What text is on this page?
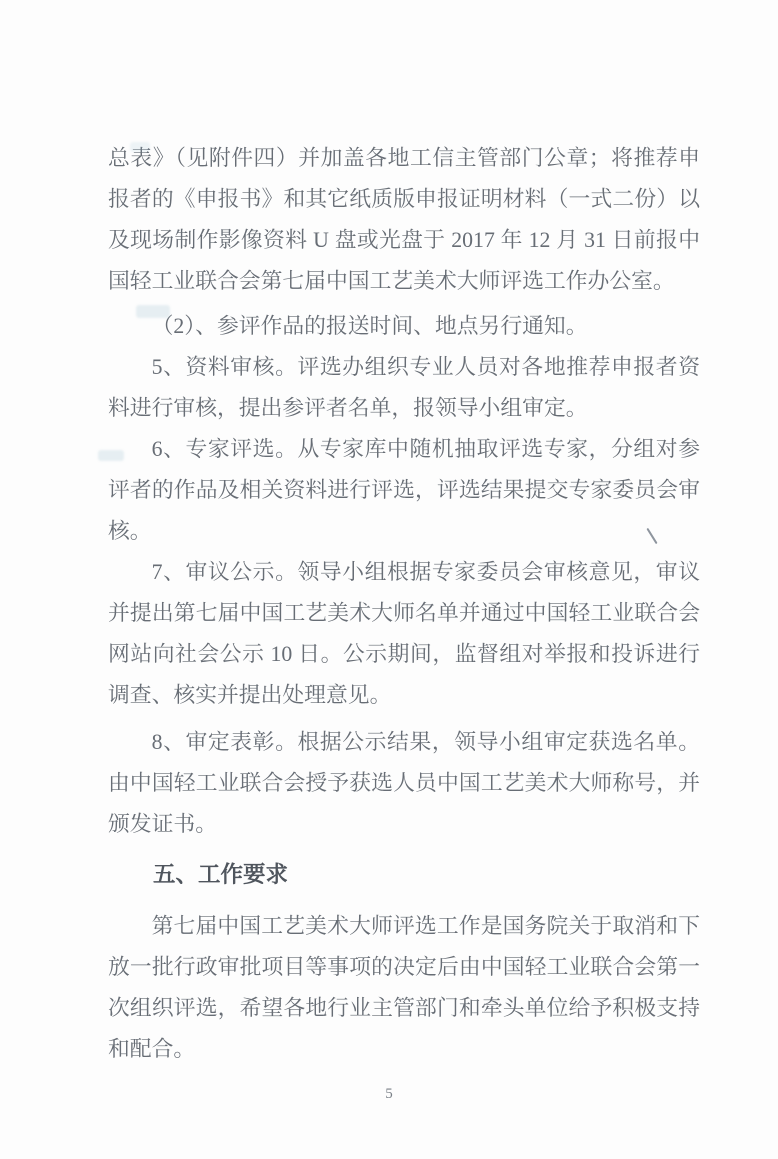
总表》（见附件四）并加盖各地工信主管部门公章；将推荐申报者的《申报书》和其它纸质版申报证明材料（一式二份）以及现场制作影像资料 U 盘或光盘于 2017 年 12 月 31 日前报中国轻工业联合会第七届中国工艺美术大师评选工作办公室。

（2）、参评作品的报送时间、地点另行通知。

5、资料审核。评选办组织专业人员对各地推荐申报者资料进行审核，提出参评者名单，报领导小组审定。

6、专家评选。从专家库中随机抽取评选专家，分组对参评者的作品及相关资料进行评选，评选结果提交专家委员会审核。

7、审议公示。领导小组根据专家委员会审核意见，审议并提出第七届中国工艺美术大师名单并通过中国轻工业联合会网站向社会公示 10 日。公示期间，监督组对举报和投诉进行调查、核实并提出处理意见。

8、审定表彰。根据公示结果，领导小组审定获选名单。由中国轻工业联合会授予获选人员中国工艺美术大师称号，并颁发证书。

五、工作要求

第七届中国工艺美术大师评选工作是国务院关于取消和下放一批行政审批项目等事项的决定后由中国轻工业联合会第一次组织评选，希望各地行业主管部门和牵头单位给予积极支持和配合。

5
